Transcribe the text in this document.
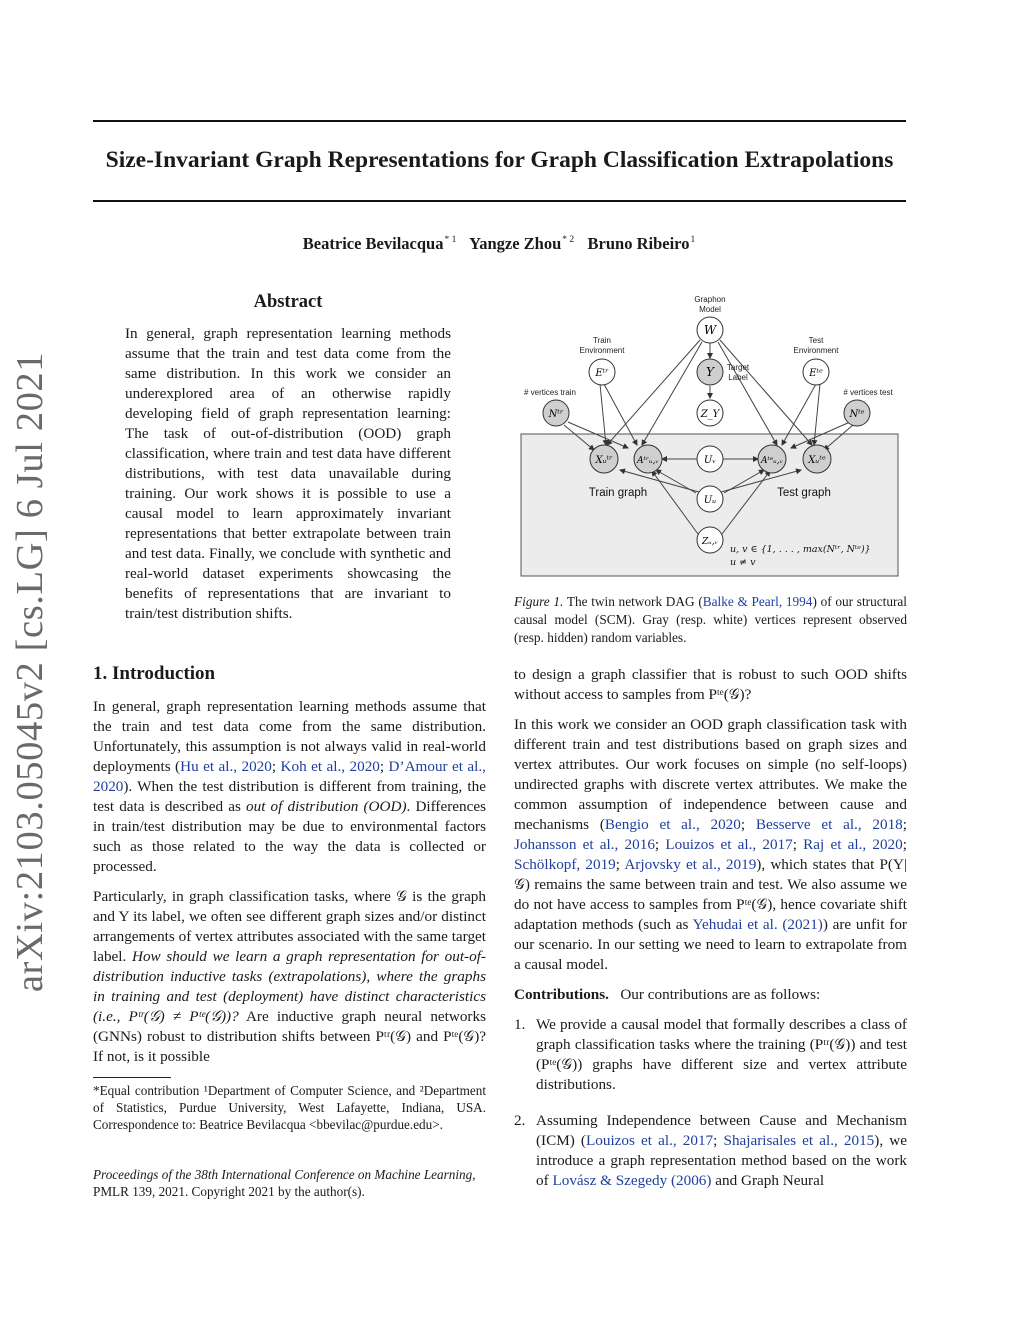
Size-Invariant Graph Representations for Graph Classification Extrapolations
Beatrice Bevilacqua$^{* 1}$ Yangze Zhou$^{* 2}$ Bruno Ribeiro$^1$
arXiv:2103.05045v2 [cs.LG] 6 Jul 2021
Abstract
In general, graph representation learning methods assume that the train and test data come from the same distribution. In this work we consider an underexplored area of an otherwise rapidly developing field of graph representation learning: The task of out-of-distribution (OOD) graph classification, where train and test data have different distributions, with test data unavailable during training. Our work shows it is possible to use a causal model to learn approximately invariant representations that better extrapolate between train and test data. Finally, we conclude with synthetic and real-world dataset experiments showcasing the benefits of representations that are invariant to train/test distribution shifts.
1. Introduction

In general, graph representation learning methods assume that the train and test data come from the same distribution. Unfortunately, this assumption is not always valid in real-world deployments (Hu et al., 2020; Koh et al., 2020; D’Amour et al., 2020). When the test distribution is different from training, the test data is described as out of distribution (OOD). Differences in train/test distribution may be due to environmental factors such as those related to the way the data is collected or processed.

Particularly, in graph classification tasks, where 𝒢 is the graph and Y its label, we often see different graph sizes and/or distinct arrangements of vertex attributes associated with the same target label. How should we learn a graph representation for out-of-distribution inductive tasks (extrapolations), where the graphs in training and test (deployment) have distinct characteristics (i.e., Pᵗʳ(𝒢) ≠ Pᵗᵉ(𝒢))? Are inductive graph neural networks (GNNs) robust to distribution shifts between Pᵗʳ(𝒢) and Pᵗᵉ(𝒢)? If not, is it possible

*Equal contribution ¹Department of Computer Science, and ²Department of Statistics, Purdue University, West Lafayette, Indiana, USA. Correspondence to: Beatrice Bevilacqua <bbevilac@purdue.edu>.
Proceedings of the 38th International Conference on Machine Learning, PMLR 139, 2021. Copyright 2021 by the author(s).
W
Eᵗʳ	Y	Eᵗᵉ
Nᵗʳ	Z_Y	Nᵗᵉ
Xᵤᵗʳ	Aᵗʳᵤ,ᵥ	Uᵥ	Aᵗᵉᵤ,ᵥ	Xᵤᵗᵉ
Uᵤ
Zᵤ,ᵥ
Graphon
Model
Train
Environment
Test
Environment
Target
Label
# vertices train	# vertices test
Train graph	Test graph
u, v ∈ {1, . . . , max(Nᵗʳ, Nᵗᵉ)}
u ≠ v
Figure 1. The twin network DAG (Balke & Pearl, 1994) of our structural causal model (SCM). Gray (resp. white) vertices represent observed (resp. hidden) random variables.

to design a graph classifier that is robust to such OOD shifts without access to samples from Pᵗᵉ(𝒢)?

In this work we consider an OOD graph classification task with different train and test distributions based on graph sizes and vertex attributes. Our work focuses on simple (no self-loops) undirected graphs with discrete vertex attributes. We make the common assumption of independence between cause and mechanisms (Bengio et al., 2020; Besserve et al., 2018; Johansson et al., 2016; Louizos et al., 2017; Raj et al., 2020; Schölkopf, 2019; Arjovsky et al., 2019), which states that P(Y|𝒢) remains the same between train and test. We also assume we do not have access to samples from Pᵗᵉ(𝒢), hence covariate shift adaptation methods (such as Yehudai et al. (2021)) are unfit for our scenario. In our setting we need to learn to extrapolate from a causal model.

Contributions. Our contributions are as follows:

1. We provide a causal model that formally describes a class of graph classification tasks where the training (Pᵗʳ(𝒢)) and test (Pᵗᵉ(𝒢)) graphs have different size and vertex attribute distributions.
2. Assuming Independence between Cause and Mechanism (ICM) (Louizos et al., 2017; Shajarisales et al., 2015), we introduce a graph representation method based on the work of Lovász & Szegedy (2006) and Graph Neural
